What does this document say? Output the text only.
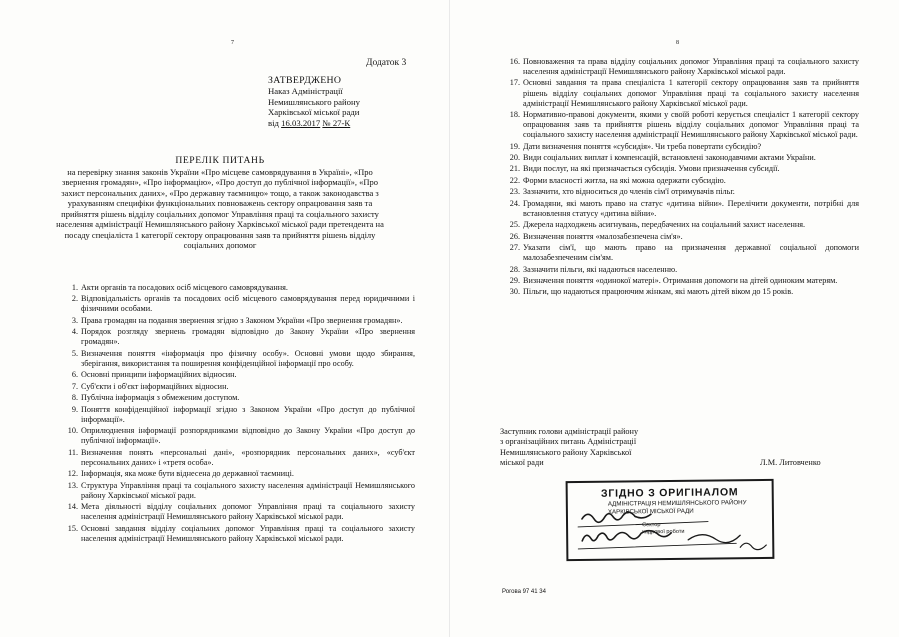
7
Додаток 3
ЗАТВЕРДЖЕНО
Наказ Адміністрації
Немишлянського району
Харківської міської ради
від 16.03.2017 № 27-К
ПЕРЕЛІК ПИТАНЬ
на перевірку знання законів України «Про місцеве самоврядування в Україні», «Про звернення громадян», «Про інформацію», «Про доступ до публічної інформації», «Про захист персональних даних», «Про державну таємницю» тощо, а також законодавства з урахуванням специфіки функціональних повноважень сектору опрацювання заяв та прийняття рішень відділу соціальних допомог Управління праці та соціального захисту населення адміністрації Немишлянського району Харківської міської ради претендента на посаду спеціаліста 1 категорії сектору опрацювання заяв та прийняття рішень відділу соціальних допомог
1. Акти органів та посадових осіб місцевого самоврядування.
2. Відповідальність органів та посадових осіб місцевого самоврядування перед юридичними і фізичними особами.
3. Права громадян на подання звернення згідно з Законом України «Про звернення громадян».
4. Порядок розгляду звернень громадян відповідно до Закону України «Про звернення громадян».
5. Визначення поняття «інформація про фізичну особу». Основні умови щодо збирання, зберігання, використання та поширення конфіденційної інформації про особу.
6. Основні принципи інформаційних відносин.
7. Суб'єкти і об'єкт інформаційних відносин.
8. Публічна інформація з обмеженим доступом.
9. Поняття конфіденційної інформації згідно з Законом України «Про доступ до публічної інформації».
10. Оприлюднення інформації розпорядниками відповідно до Закону України «Про доступ до публічної інформації».
11. Визначення понять «персональні дані», «розпорядник персональних даних», «суб'єкт персональних даних» і «третя особа».
12. Інформація, яка може бути віднесена до державної таємниці.
13. Структура Управління праці та соціального захисту населення адміністрації Немишлянського району Харківської міської ради.
14. Мета діяльності відділу соціальних допомог Управління праці та соціального захисту населення адміністрації Немишлянського району Харківської міської ради.
15. Основні завдання відділу соціальних допомог Управління праці та соціального захисту населення адміністрації Немишлянського району Харківської міської ради.
8
16. Повноваження та права відділу соціальних допомог Управління праці та соціального захисту населення адміністрації Немишлянського району Харківської міської ради.
17. Основні завдання та права спеціаліста 1 категорії сектору опрацювання заяв та прийняття рішень відділу соціальних допомог Управління праці та соціального захисту населення адміністрації Немишлянського району Харківської міської ради.
18. Нормативно-правові документи, якими у своїй роботі керується спеціаліст 1 категорії сектору опрацювання заяв та прийняття рішень відділу соціальних допомог Управління праці та соціального захисту населення адміністрації Немишлянського району Харківської міської ради.
19. Дати визначення поняття «субсидія». Чи треба повертати субсидію?
20. Види соціальних виплат і компенсацій, встановлені законодавчими актами України.
21. Види послуг, на які призначається субсидія. Умови призначення субсидії.
22. Форми власності житла, на які можна одержати субсидію.
23. Зазначити, хто відноситься до членів сім'ї отримувачів пільг.
24. Громадяни, які мають право на статус «дитина війни». Перелічити документи, потрібні для встановлення статусу «дитина війни».
25. Джерела надходжень асигнувань, передбачених на соціальний захист населення.
26. Визначення поняття «малозабезпечена сім'я».
27. Указати сім'ї, що мають право на призначення державної соціальної допомоги малозабезпеченим сім'ям.
28. Зазначити пільги, які надаються населенню.
29. Визначення поняття «одинокої матері». Отримання допомоги на дітей одиноким матерям.
30. Пільги, що надаються працюючим жінкам, які мають дітей віком до 15 років.
Заступник голови адміністрації району
з організаційних питань Адміністрації
Немишлянського району Харківської
міської ради	Л.М. Литовченко
ЗГІДНО З ОРИГІНАЛОМ
АДМІНІСТРАЦІЯ НЕМИШЛЯНСЬКОГО РАЙОНУ
ХАРКІВСЬКОЇ МІСЬКОЇ РАДИ
Сектор
кадрової роботи
Рогова 97 41 34
